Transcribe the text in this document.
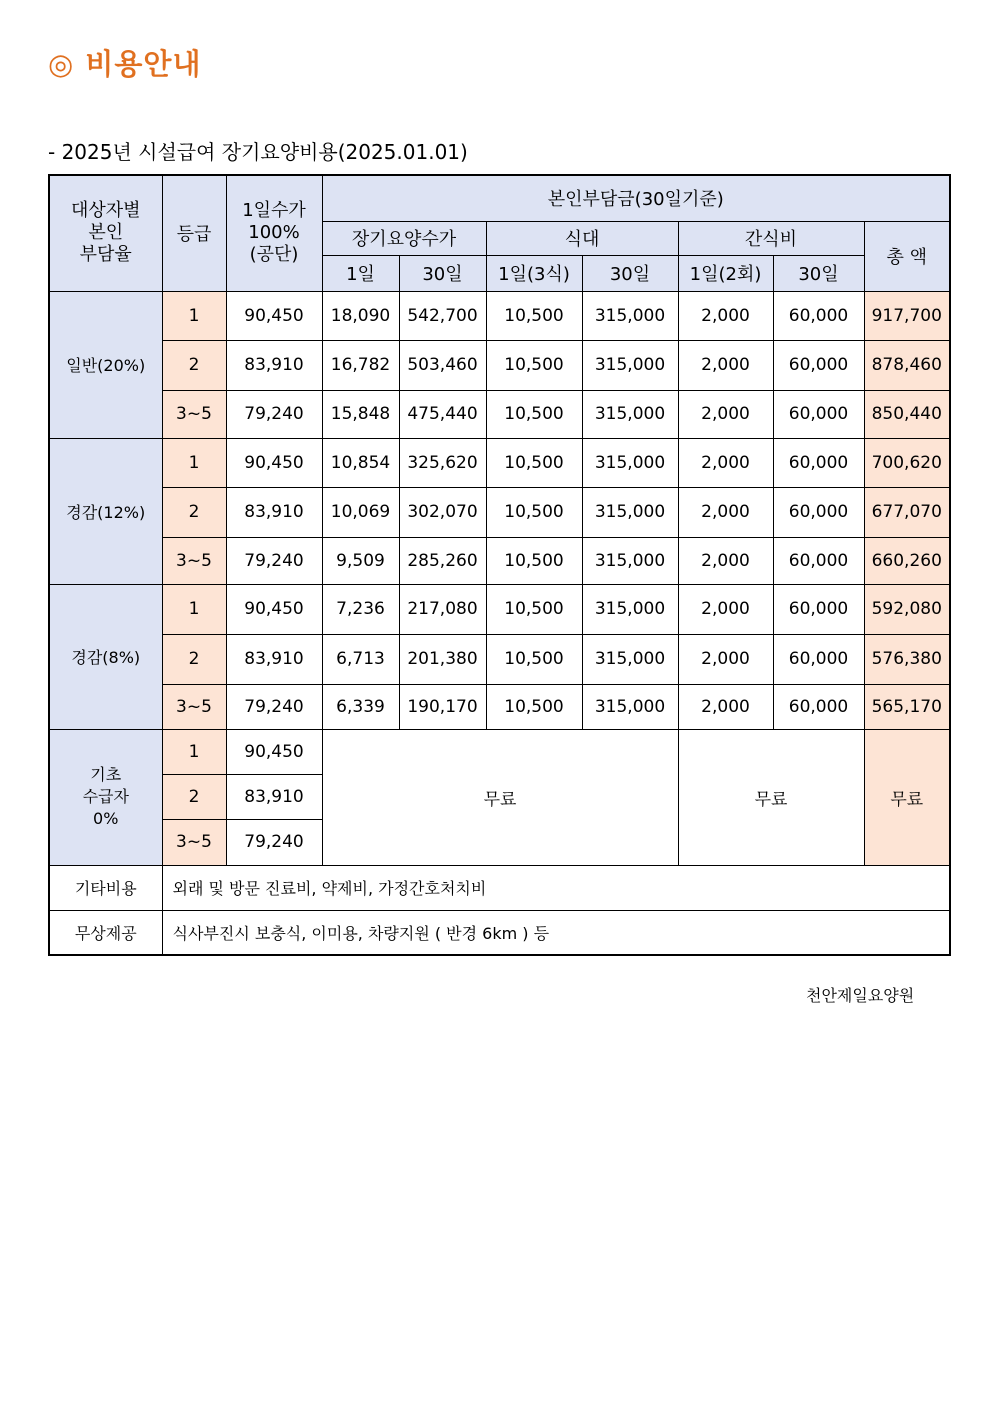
◎ 비용안내
- 2025년 시설급여 장기요양비용(2025.01.01)
대상자별
본인
부담율	등급	1일수가
100%
(공단)	본인부담금(30일기준)						
			장기요양수가		식대		간식비		총 액
			1일	30일	1일(3식)	30일	1일(2회)	30일	
일반(20%)	1	90,450	18,090	542,700	10,500	315,000	2,000	60,000	917,700
	2	83,910	16,782	503,460	10,500	315,000	2,000	60,000	878,460
	3~5	79,240	15,848	475,440	10,500	315,000	2,000	60,000	850,440
경감(12%)	1	90,450	10,854	325,620	10,500	315,000	2,000	60,000	700,620
	2	83,910	10,069	302,070	10,500	315,000	2,000	60,000	677,070
	3~5	79,240	9,509	285,260	10,500	315,000	2,000	60,000	660,260
경감(8%)	1	90,450	7,236	217,080	10,500	315,000	2,000	60,000	592,080
	2	83,910	6,713	201,380	10,500	315,000	2,000	60,000	576,380
	3~5	79,240	6,339	190,170	10,500	315,000	2,000	60,000	565,170
기초
수급자
0%	1	90,450	무료				무료		무료
	2	83,910							
	3~5	79,240							
기타비용	외래 및 방문 진료비, 약제비, 가정간호처치비								
무상제공	식사부진시 보충식, 이미용, 차량지원 ( 반경 6km ) 등								
천안제일요양원
